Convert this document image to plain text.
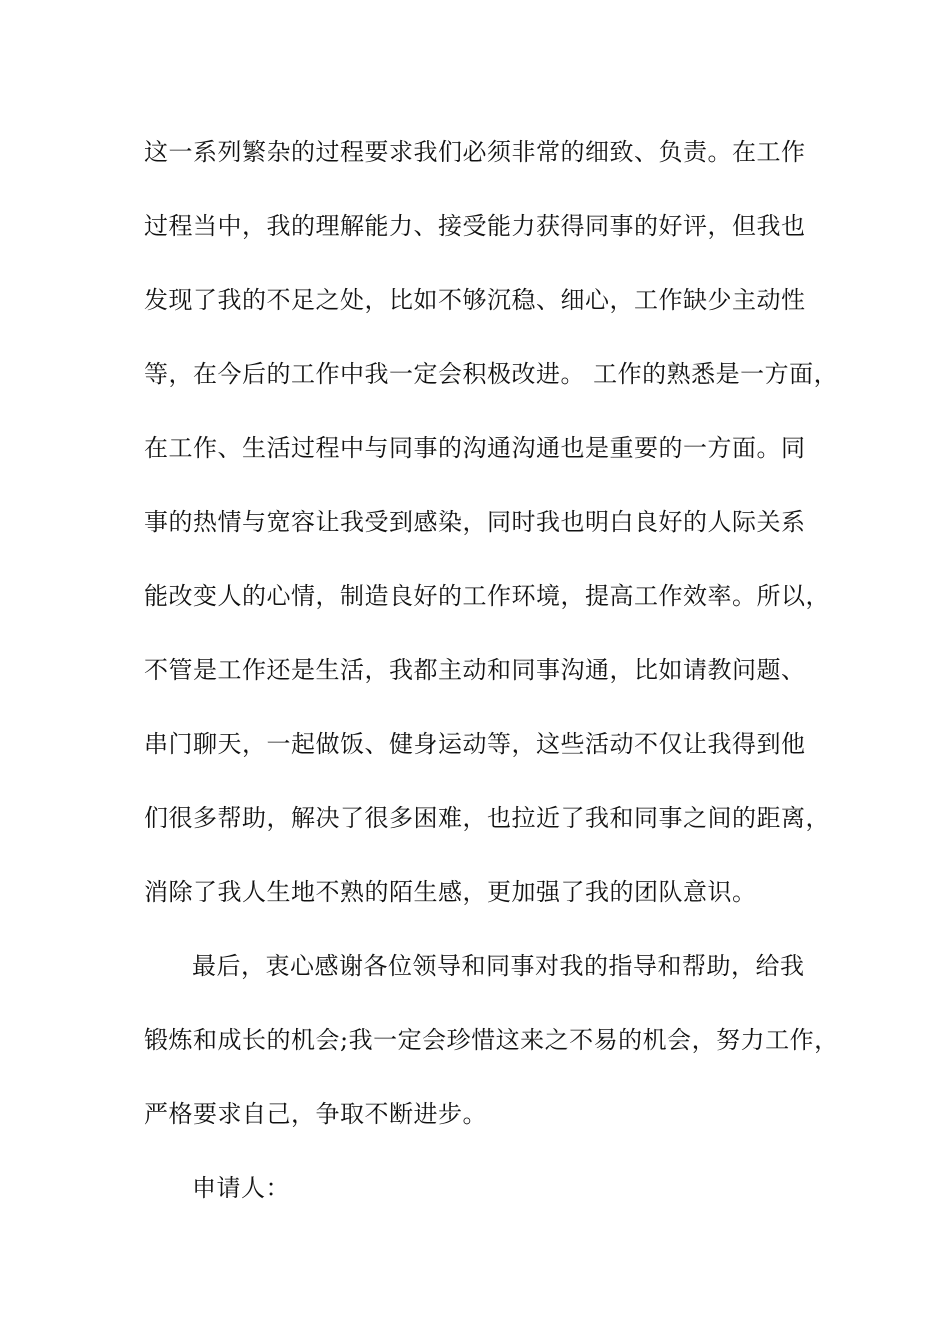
这一系列繁杂的过程要求我们必须非常的细致、负责。在工作
过程当中，我的理解能力、接受能力获得同事的好评，但我也
发现了我的不足之处，比如不够沉稳、细心，工作缺少主动性
等，在今后的工作中我一定会积极改进。 工作的熟悉是一方面，
在工作、生活过程中与同事的沟通沟通也是重要的一方面。同
事的热情与宽容让我受到感染，同时我也明白良好的人际关系
能改变人的心情，制造良好的工作环境，提高工作效率。所以，
不管是工作还是生活，我都主动和同事沟通，比如请教问题、
串门聊天，一起做饭、健身运动等，这些活动不仅让我得到他
们很多帮助，解决了很多困难，也拉近了我和同事之间的距离，
消除了我人生地不熟的陌生感，更加强了我的团队意识。
最后，衷心感谢各位领导和同事对我的指导和帮助，给我
锻炼和成长的机会;我一定会珍惜这来之不易的机会，努力工作，
严格要求自己，争取不断进步。
申请人：
